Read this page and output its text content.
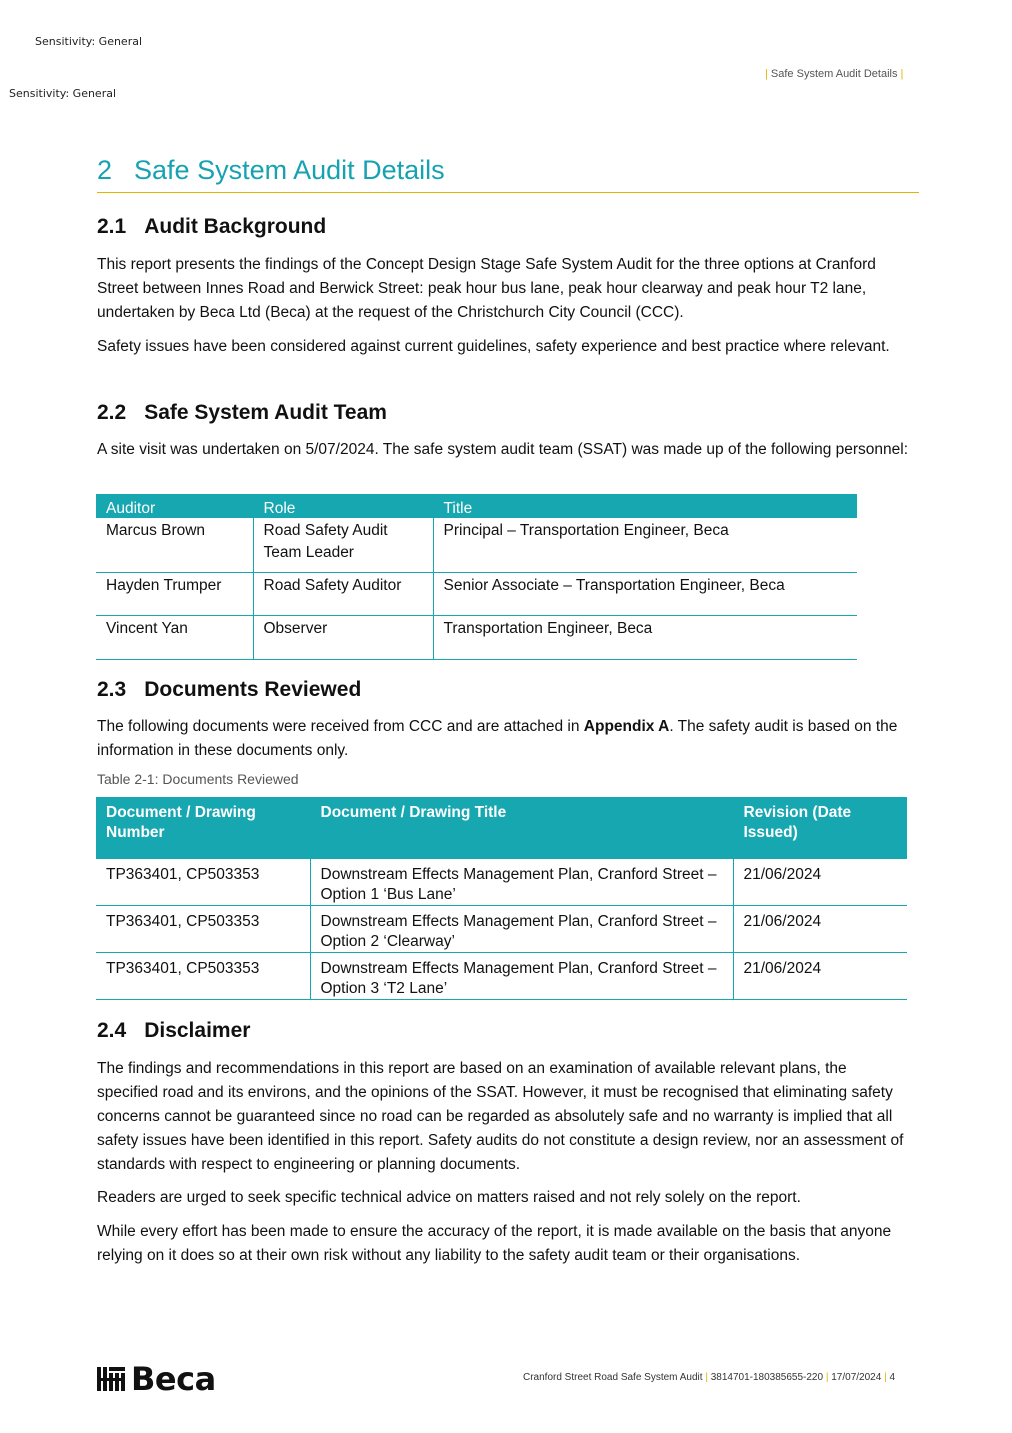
Sensitivity: General
Sensitivity: General
| Safe System Audit Details |
2 Safe System Audit Details
2.1 Audit Background
This report presents the findings of the Concept Design Stage Safe System Audit for the three options at Cranford Street between Innes Road and Berwick Street: peak hour bus lane, peak hour clearway and peak hour T2 lane, undertaken by Beca Ltd (Beca) at the request of the Christchurch City Council (CCC).
Safety issues have been considered against current guidelines, safety experience and best practice where relevant.
2.2 Safe System Audit Team
A site visit was undertaken on 5/07/2024. The safe system audit team (SSAT) was made up of the following personnel:
Auditor	Role	Title
Marcus Brown	Road Safety Audit Team Leader	Principal – Transportation Engineer, Beca
Hayden Trumper	Road Safety Auditor	Senior Associate – Transportation Engineer, Beca
Vincent Yan	Observer	Transportation Engineer, Beca
2.3 Documents Reviewed
The following documents were received from CCC and are attached in Appendix A. The safety audit is based on the information in these documents only.
Table 2-1: Documents Reviewed
Document / Drawing Number	Document / Drawing Title	Revision (Date Issued)
TP363401, CP503353	Downstream Effects Management Plan, Cranford Street – Option 1 ‘Bus Lane’	21/06/2024
TP363401, CP503353	Downstream Effects Management Plan, Cranford Street – Option 2 ‘Clearway’	21/06/2024
TP363401, CP503353	Downstream Effects Management Plan, Cranford Street – Option 3 ‘T2 Lane’	21/06/2024
2.4 Disclaimer
The findings and recommendations in this report are based on an examination of available relevant plans, the specified road and its environs, and the opinions of the SSAT. However, it must be recognised that eliminating safety concerns cannot be guaranteed since no road can be regarded as absolutely safe and no warranty is implied that all safety issues have been identified in this report. Safety audits do not constitute a design review, nor an assessment of standards with respect to engineering or planning documents.
Readers are urged to seek specific technical advice on matters raised and not rely solely on the report.
While every effort has been made to ensure the accuracy of the report, it is made available on the basis that anyone relying on it does so at their own risk without any liability to the safety audit team or their organisations.
Beca	Cranford Street Road Safe System Audit | 3814701-180385655-220 | 17/07/2024 | 4
